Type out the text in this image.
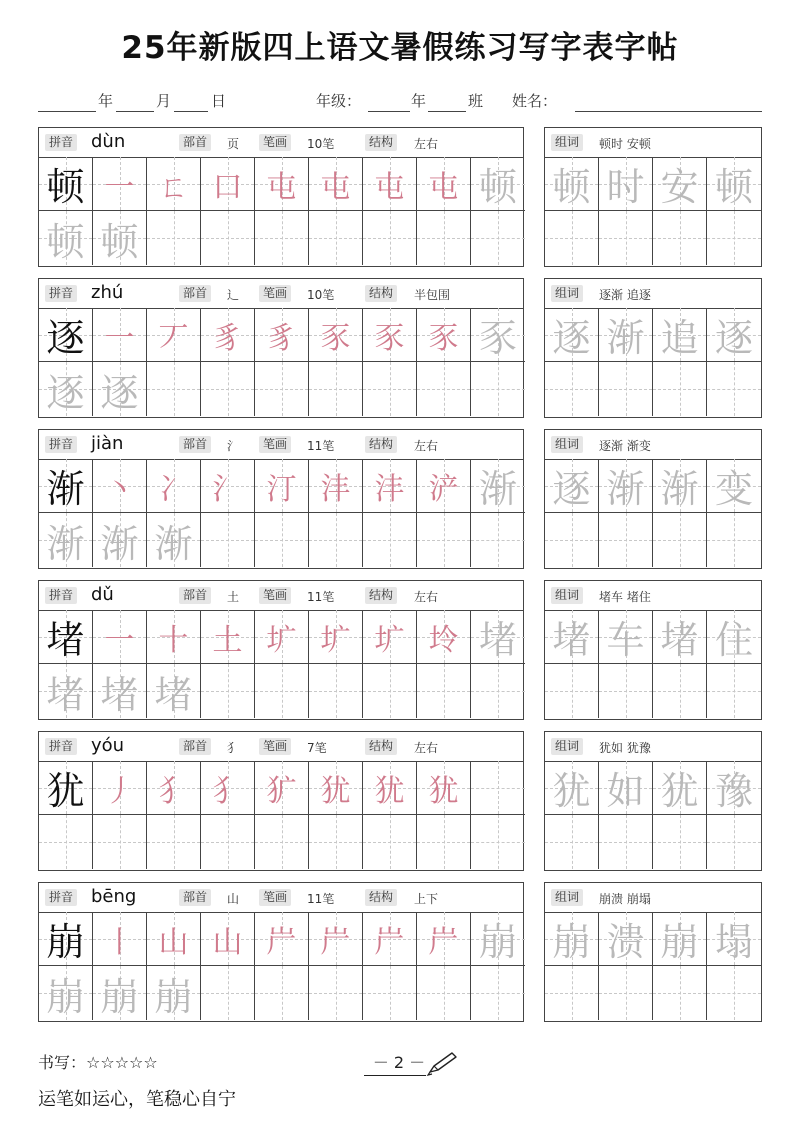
25年新版四上语文暑假练习写字表字帖
年	月	日	年级：	年	班 姓名：
拼音 dùn	部首	页	笔画	10笔	结构	左右
顿 一 ㄈ 口 屯 屯 屯 屯 顿
顿 顿
组词	顿时 安顿
顿 时 安 顿
拼音 zhú	部首	辶	笔画	10笔	结构	半包围
逐 一 丆 豸 豸 豕 豕 豕 豕
逐 逐
组词	逐渐 追逐
逐 渐 追 逐
拼音 jiàn	部首	氵	笔画	11笔	结构	左右
渐 丶 冫 氵 汀 沣 沣 浐 渐
渐 渐 渐
组词	逐渐 渐变
逐 渐 渐 变
拼音 dǔ	部首	土	笔画	11笔	结构	左右
堵 一 十 土 圹 圹 圹 坽 堵
堵 堵 堵
组词	堵车 堵住
堵 车 堵 住
拼音 yóu	部首	犭	笔画	7笔	结构	左右
犹 丿 犭 犭 犷 犹 犹 犹
组词	犹如 犹豫
犹 如 犹 豫
拼音 bēng	部首	山	笔画	11笔	结构	上下
崩 丨 山 山 屵 屵 屵 屵 崩
崩 崩 崩
组词	崩溃 崩塌
崩 溃 崩 塌
书写：☆☆☆☆☆	－ 2 －
运笔如运心，笔稳心自宁
